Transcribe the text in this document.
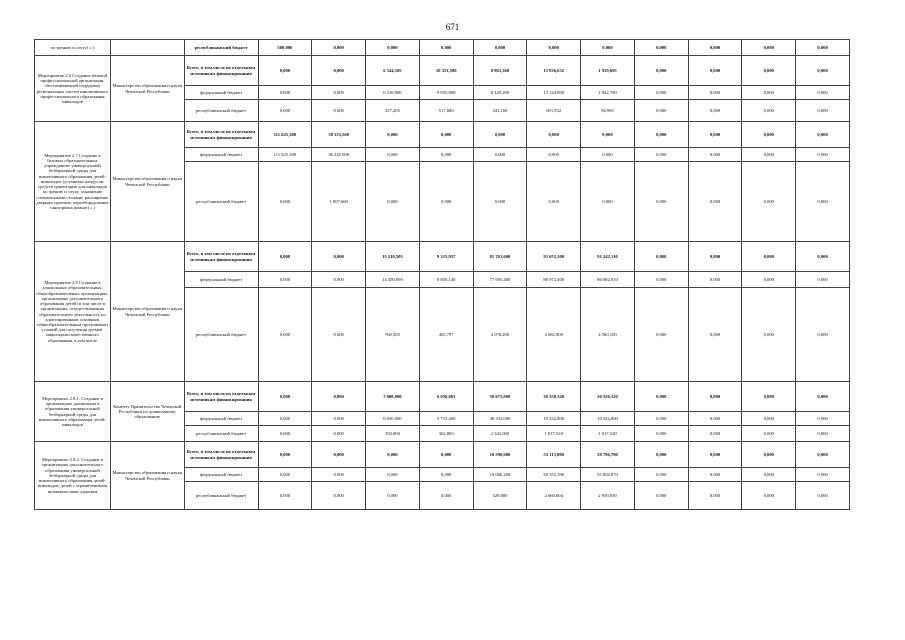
671
по зрению и слуху) » )		республиканский бюджет	500,000	0,000	0,000	0,000	0,000	0,000	0,000	0,000	0,000	0,000	0,000
Мероприятие 2.6 Создание базовой профессиональной организации, обеспечивающей поддержку региональных систем инклюзивного профессионального образования инвалидов	Министерство образования и науки Чеченской Республики	Всего, в том числе по отдельным источникам финансирования	0,000	0,000	6 544,105	10 353,580	8 863,368	13 836,632	1 939,695	0,000	0,000	0,000	0,000
		федеральный бюджет	0,000	0,000	6 216,900	9 835,900	8 420,200	13 144,800	1 842,700	0,000	0,000	0,000	0,000
		республиканский бюджет	0,000	0,000	327,205	517,680	443,168	691,832	96,985	0,000	0,000	0,000	0,000
Мероприятие 2.7 Создание в базовых образовательных учреждениях универсальной безбарьерной среды для инклюзивного образования детей-инвалидов (установка пандусов, средств ориентации для инвалидов по зрению и слуху, оснащение специальными столами, расширение дверных проемов, переоборудование санитарных комнат) » )	Министерство образования и науки Чеченской Республики	Всего, в том числе по отдельным источникам финансирования	111 625,300	38 153,560	0,000	0,000	0,000	0,000	0,000	0,000	0,000	0,000	0,000
		федеральный бюджет	111 625,300	36 245,900	0,000	0,000	0,000	0,000	0,000	0,000	0,000	0,000	0,000
		республиканский бюджет	0,000	1 907,660	0,000	0,000	0,000	0,000	0,000	0,000	0,000	0,000	0,000
Мероприятие 2.8 Создание в дошкольных образовательных, общеобразовательных организациях, организациях дополнительного образования детей (в том числе в организациях, осуществляющих образовательную деятельность по адаптированным основным общеобразовательным программам) условий для получения детьми-инвалидами качественного образования, в том числе	Министерство образования и науки Чеченской Республики	Всего, в том числе по отдельным источникам финансирования	0,000	0,000	15 210,505	9 315,937	81 763,600	93 655,200	91 242,110	0,000	0,000	0,000	0,000
		федеральный бюджет	0,000	0,000	14 450,000	8 850,140	77 685,400	88 972,400	86 682,010	0,000	0,000	0,000	0,000
		республиканский бюджет	0,000	0,000	760,505	465,797	4 078,200	4 682,800	4 560,100	0,000	0,000	0,000	0,000
Мероприятие 2.8.1. Создание в организациях дошкольного образования универсальной безбарьерной среды для инклюзивного образования детей-инвалидов	Комитет Правительства Чеченской Республики по дошкольному образованию	Всего, в том числе по отдельным источникам финансирования	0,000	0,000	7 000,000	6 056,063	50 675,000	20 350,320	20 350,320	0,000	0,000	0,000	0,000
		федеральный бюджет	0,000	0,000	6 650,000	5 753,260	48 332,000	19 332,800	19 332,800	0,000	0,000	0,000	0,000
		республиканский бюджет	0,000	0,000	350,000	302,803	2 343,000	1 017,520	1 017,520	0,000	0,000	0,000	0,000
Мероприятие 2.8.2. Создание в организациях дополнительного образования универсальной безбарьерной среды для инклюзивного образования детей-инвалидов, детей с ограниченными возможностями здоровья	Министерство образования и науки Чеченской Республики	Всего, в том числе по отдельным источникам финансирования	0,000	0,000	0,000	0,000	10 596,000	53 113,000	58 796,700	0,000	0,000	0,000	0,000
		федеральный бюджет	0,000	0,000	0,000	0,000	10 066,200	50 352,396	55 856,870	0,000	0,000	0,000	0,000
		республиканский бюджет	0,000	0,000	0,000	0,000	529,800	2 660,604	2 939,830	0,000	0,000	0,000	0,000
